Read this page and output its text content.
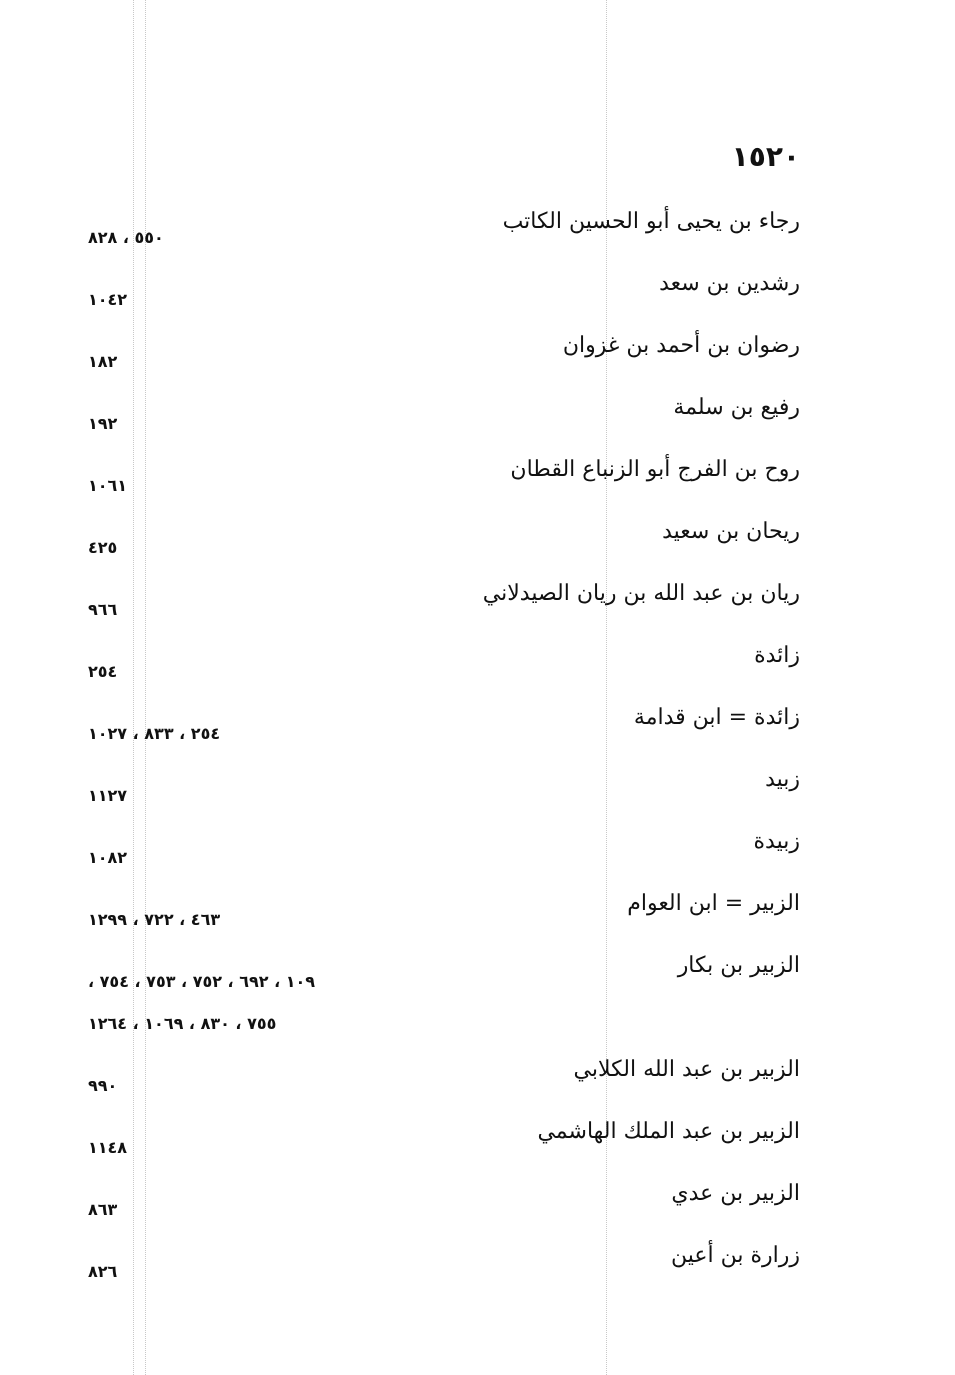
١٥٢٠
رجاء بن يحيى أبو الحسين الكاتب
٥٥٠ ، ٨٢٨
رشدين بن سعد
١٠٤٢
رضوان بن أحمد بن غزوان
١٨٢
رفيع بن سلمة
١٩٢
روح بن الفرج أبو الزنباع القطان
١٠٦١
ريحان بن سعيد
٤٢٥
ريان بن عبد الله بن ريان الصيدلاني
٩٦٦
زائدة
٢٥٤
زائدة = ابن قدامة
٢٥٤ ، ٨٣٣ ، ١٠٢٧
زبيد
١١٢٧
زبيدة
١٠٨٢
الزبير = ابن العوام
٤٦٣ ، ٧٢٢ ، ١٢٩٩
الزبير بن بكار
١٠٩ ، ٦٩٢ ، ٧٥٢ ، ٧٥٣ ، ٧٥٤ ،
٧٥٥ ، ٨٣٠ ، ١٠٦٩ ، ١٢٦٤
الزبير بن عبد الله الكلابي
٩٩٠
الزبير بن عبد الملك الهاشمي
١١٤٨
الزبير بن عدي
٨٦٣
زرارة بن أعين
٨٢٦
